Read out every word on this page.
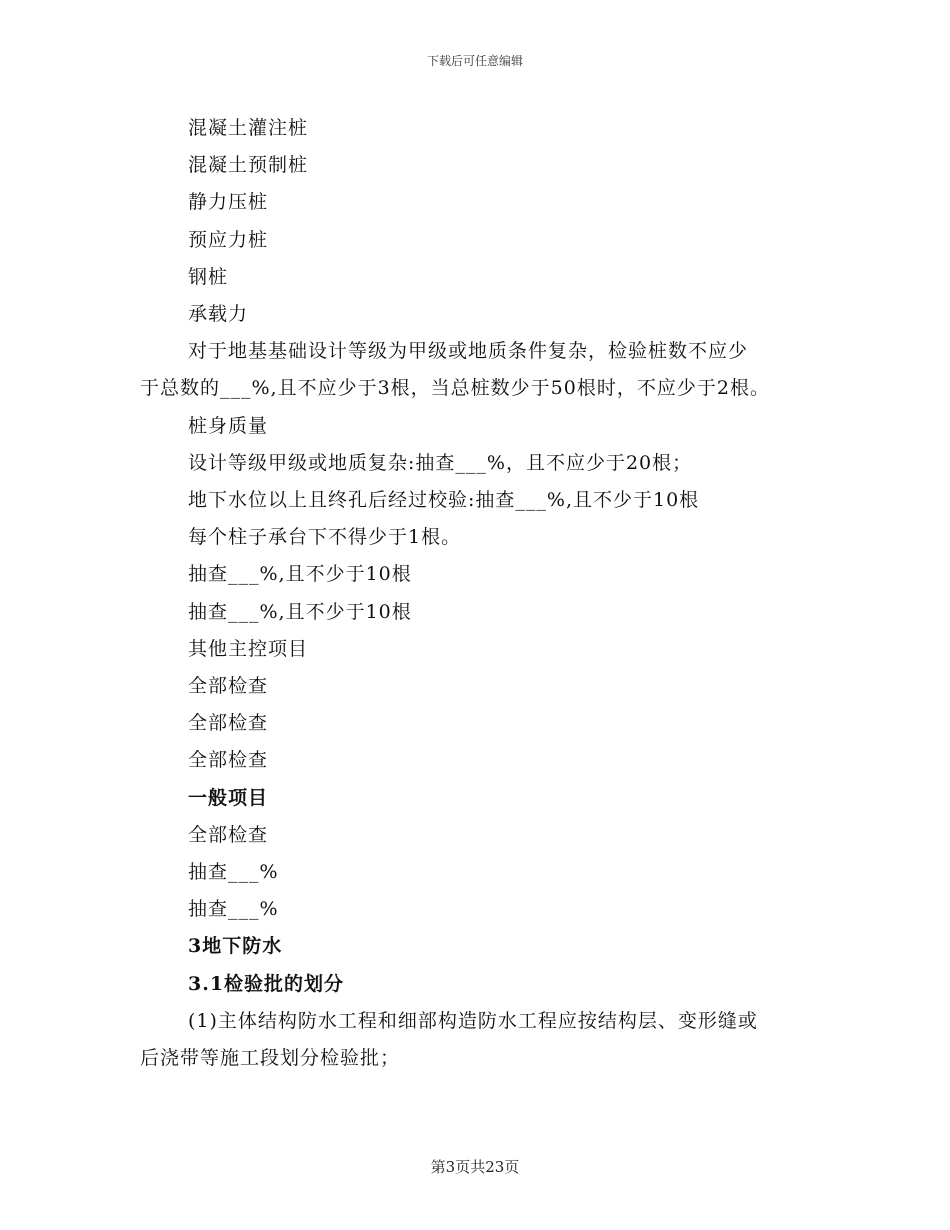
下载后可任意编辑
混凝土灌注桩
混凝土预制桩
静力压桩
预应力桩
钢桩
承载力
对于地基基础设计等级为甲级或地质条件复杂，检验桩数不应少
于总数的___%,且不应少于3根，当总桩数少于50根时，不应少于2根。
桩身质量
设计等级甲级或地质复杂:抽查___%，且不应少于20根；
地下水位以上且终孔后经过校验:抽查___%,且不少于10根
每个柱子承台下不得少于1根。
抽查___%,且不少于10根
抽查___%,且不少于10根
其他主控项目
全部检查
全部检查
全部检查
一般项目
全部检查
抽查___%
抽查___%
3地下防水
3.1检验批的划分
(1)主体结构防水工程和细部构造防水工程应按结构层、变形缝或
后浇带等施工段划分检验批；
第3页共23页
